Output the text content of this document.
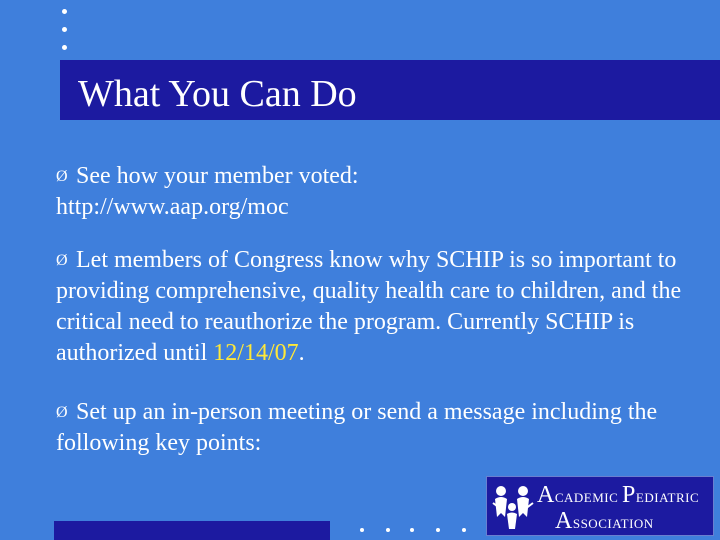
What You Can Do
Ø See how your member voted:
http://www.aap.org/moc
Ø Let members of Congress know why SCHIP is so important to providing comprehensive, quality health care to children, and the critical need to reauthorize the program. Currently SCHIP is authorized until 12/14/07.
Ø Set up an in-person meeting or send a message including the following key points:
ACADEMIC PEDIATRIC
ASSOCIATION
